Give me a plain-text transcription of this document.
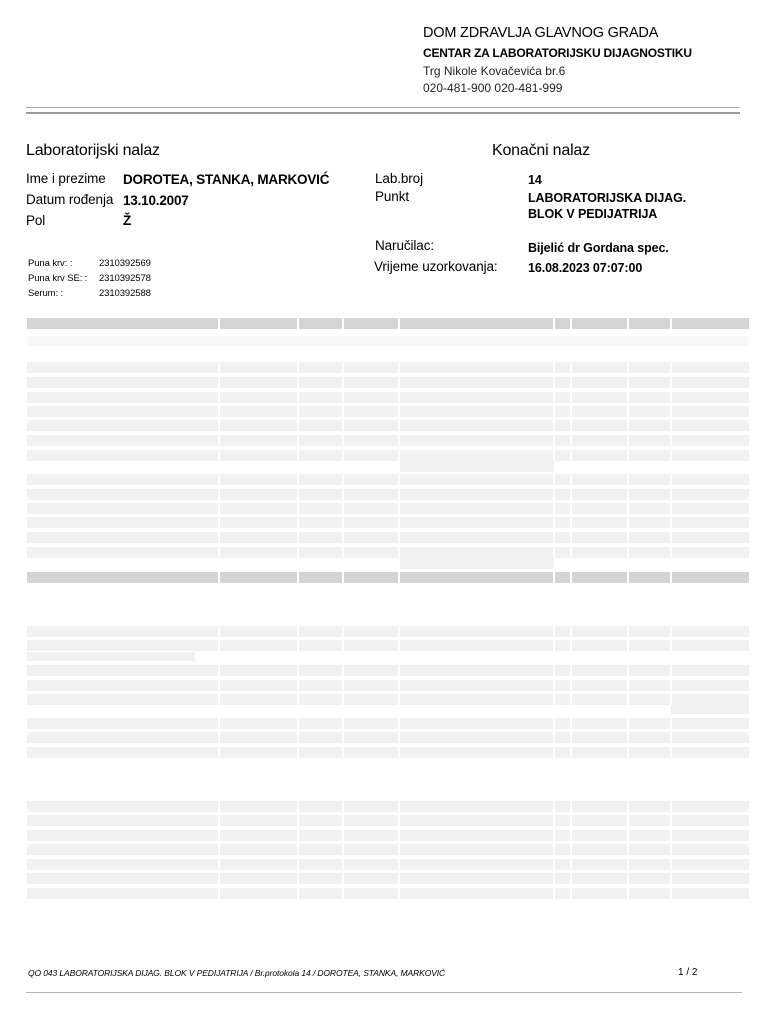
DOM ZDRAVLJA GLAVNOG GRADA
CENTAR ZA LABORATORIJSKU DIJAGNOSTIKU
Trg Nikole Kovačevića br.6
020-481-900 020-481-999
Laboratorijski nalaz	Konačni nalaz
Ime i prezime DOROTEA, STANKA, MARKOVIĆ
Datum rođenja 13.10.2007
Pol	Ž
Lab.broj	14
Punkt	LABORATORIJSKA DIJAG.
BLOK V PEDIJATRIJA
Naručilac:	Bijelić dr Gordana spec.
Vrijeme uzorkovanja: 16.08.2023 07:07:00
Puna krv: :	2310392569
Puna krv SE: : 2310392578
Serum: :	2310392588
QO 043 LABORATORIJSKA DIJAG. BLOK V PEDIJATRIJA / Br.protokola 14 / DOROTEA, STANKA, MARKOVIĆ	1 / 2
